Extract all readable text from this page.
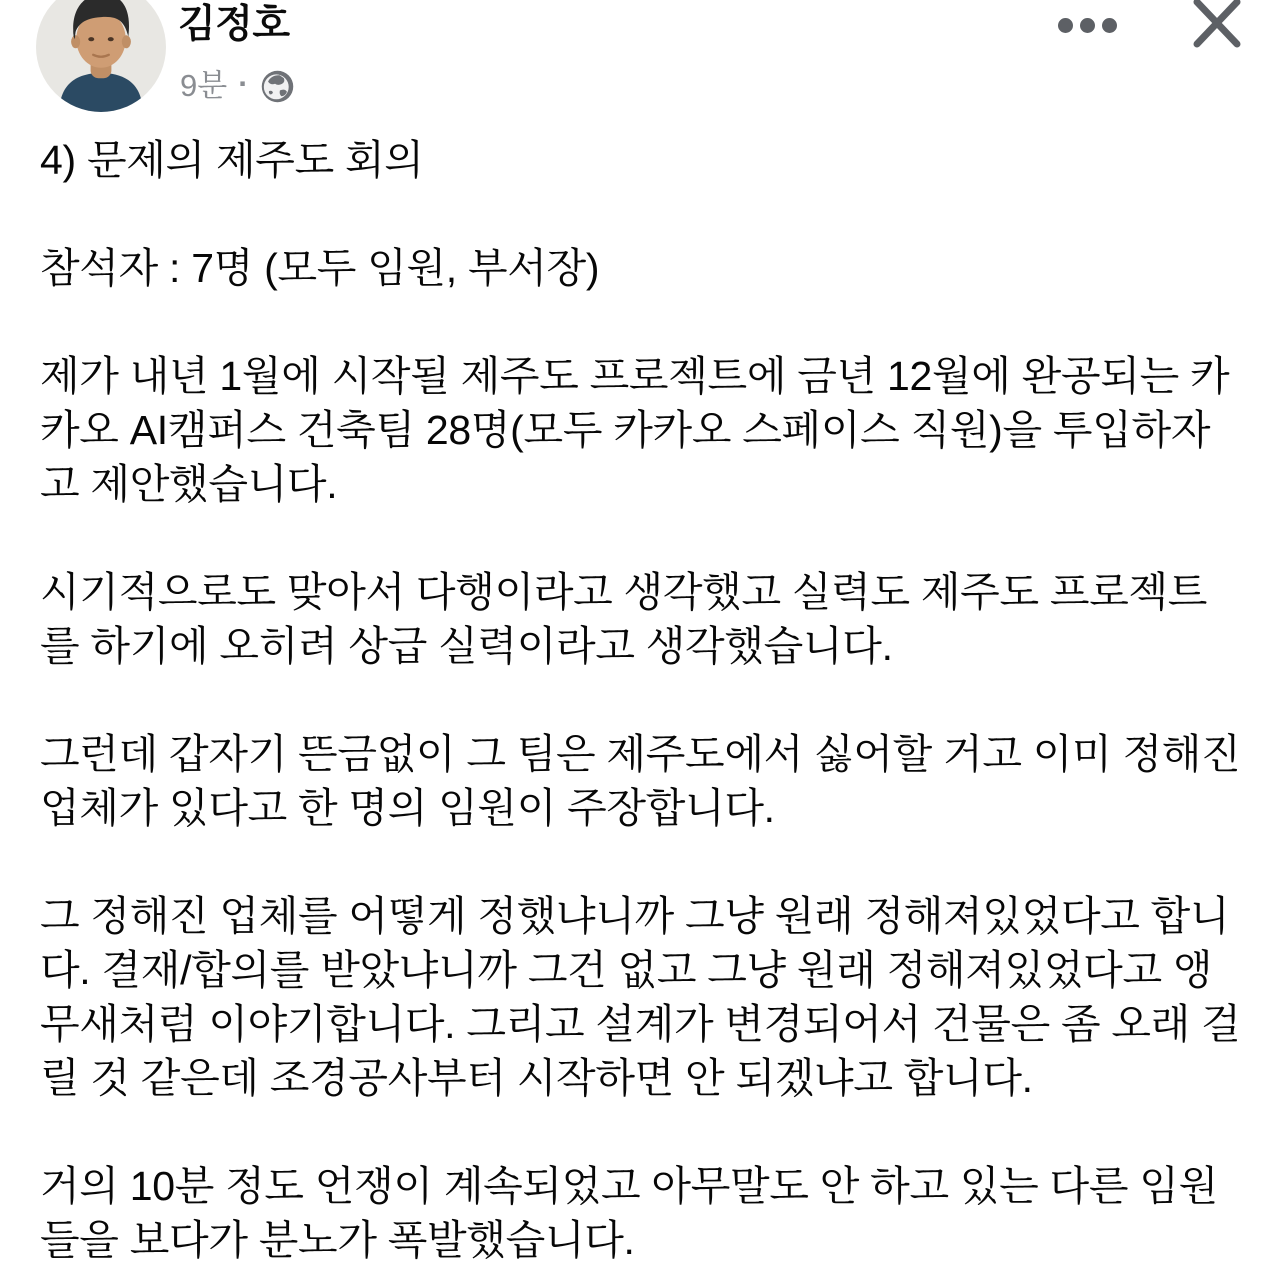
김정호
9분 ·

4) 문제의 제주도 회의

참석자 : 7명 (모두 임원, 부서장)

제가 내년 1월에 시작될 제주도 프로젝트에 금년 12월에 완공되는 카카오 AI캠퍼스 건축팀 28명(모두 카카오 스페이스 직원)을 투입하자고 제안했습니다.

시기적으로도 맞아서 다행이라고 생각했고 실력도 제주도 프로젝트를 하기에 오히려 상급 실력이라고 생각했습니다.

그런데 갑자기 뜬금없이 그 팀은 제주도에서 싫어할 거고 이미 정해진 업체가 있다고 한 명의 임원이 주장합니다.

그 정해진 업체를 어떻게 정했냐니까 그냥 원래 정해져있었다고 합니다. 결재/합의를 받았냐니까 그건 없고 그냥 원래 정해져있었다고 앵무새처럼 이야기합니다. 그리고 설계가 변경되어서 건물은 좀 오래 걸릴 것 같은데 조경공사부터 시작하면 안 되겠냐고 합니다.

거의 10분 정도 언쟁이 계속되었고 아무말도 안 하고 있는 다른 임원들을 보다가 분노가 폭발했습니다.
